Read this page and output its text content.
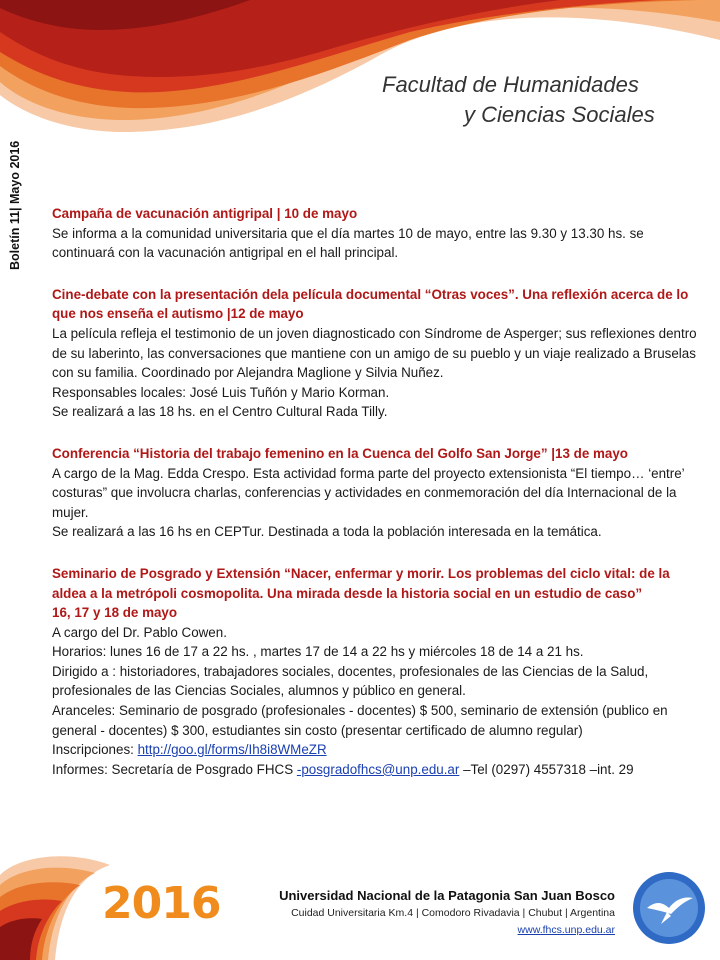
Facultad de Humanidades
y Ciencias Sociales
Boletín 11| Mayo 2016 Campaña de vacunación antigripal | 10 de mayo

Se informa a la comunidad universitaria que el día martes 10 de mayo, entre las 9.30 y 13.30 hs. se continuará con la vacunación antigripal en el hall principal.

Cine-debate con la presentación dela película documental “Otras voces”. Una reflexión acerca de lo que nos enseña el autismo |12 de mayo

La película refleja el testimonio de un joven diagnosticado con Síndrome de Asperger; sus reflexiones dentro de su laberinto, las conversaciones que mantiene con un amigo de su pueblo y un viaje realizado a Bruselas con su familia. Coordinado por Alejandra Maglione y Silvia Nuñez.

Responsables locales: José Luis Tuñón y Mario Korman.

Se realizará a las 18 hs. en el Centro Cultural Rada Tilly.

Conferencia “Historia del trabajo femenino en la Cuenca del Golfo San Jorge” |13 de mayo

A cargo de la Mag. Edda Crespo. Esta actividad forma parte del proyecto extensionista “El tiempo… ‘entre’ costuras” que involucra charlas, conferencias y actividades en conmemoración del día Internacional de la mujer.

Se realizará a las 16 hs en CEPTur. Destinada a toda la población interesada en la temática.

Seminario de Posgrado y Extensión “Nacer, enfermar y morir. Los problemas del ciclo vital: de la aldea a la metrópoli cosmopolita. Una mirada desde la historia social en un estudio de caso”

16, 17 y 18 de mayo

A cargo del Dr. Pablo Cowen.

Horarios: lunes 16 de 17 a 22 hs. , martes 17 de 14 a 22 hs y miércoles 18 de 14 a 21 hs.

Dirigido a : historiadores, trabajadores sociales, docentes, profesionales de las Ciencias de la Salud, profesionales de las Ciencias Sociales, alumnos y público en general.

Aranceles: Seminario de posgrado (profesionales - docentes) $ 500, seminario de extensión (publico en general - docentes) $ 300, estudiantes sin costo (presentar certificado de alumno regular)

Inscripciones: http://goo.gl/forms/Ih8i8WMeZR

Informes: Secretaría de Posgrado FHCS -posgradofhcs@unp.edu.ar –Tel (0297) 4557318 –int. 29

2016	Universidad Nacional de la Patagonia San Juan Bosco
Cuidad Universitaria Km.4 | Comodoro Rivadavia | Chubut | Argentina
www.fhcs.unp.edu.ar
